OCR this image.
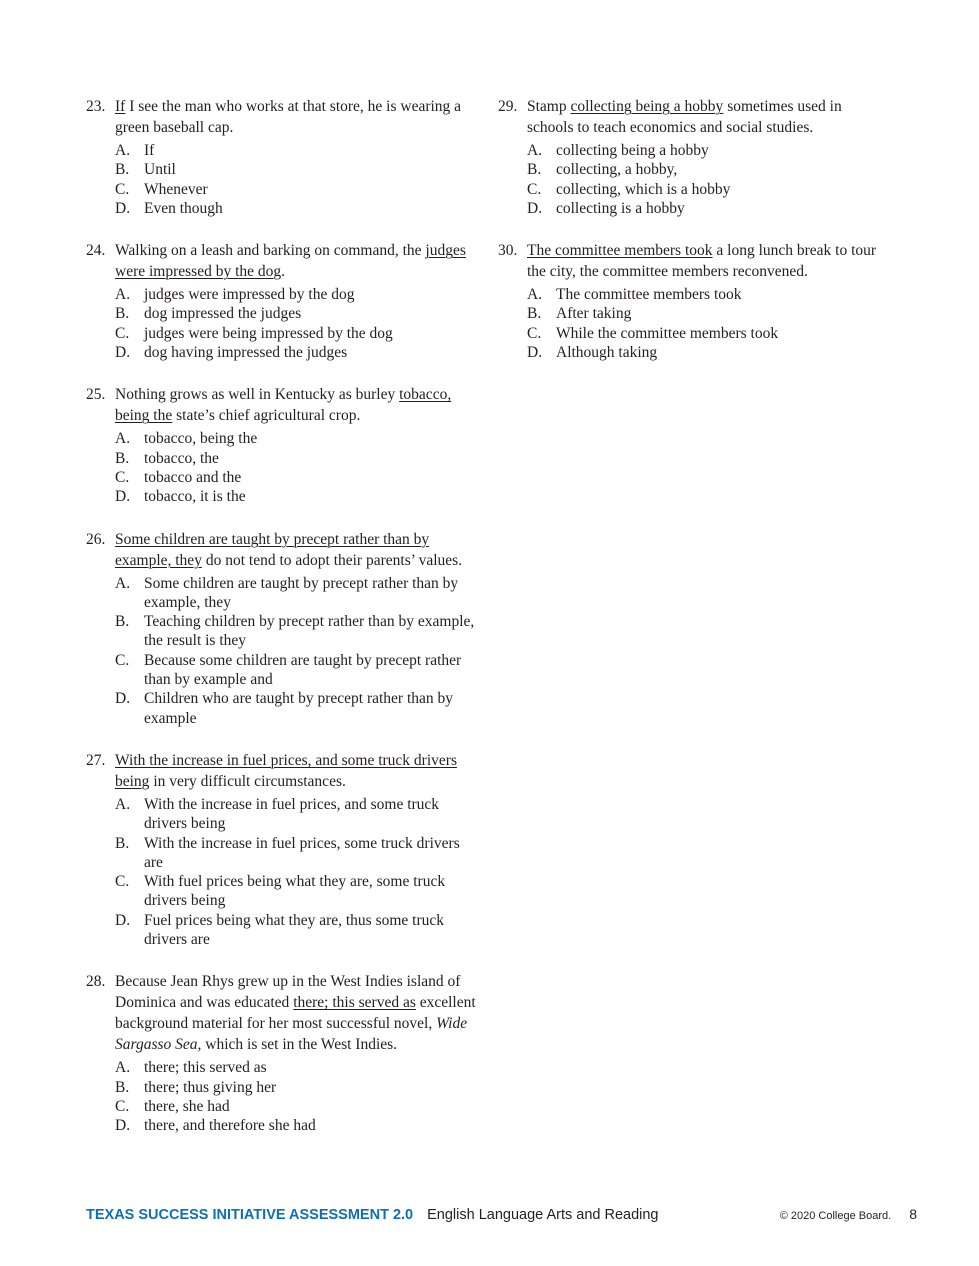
23. If I see the man who works at that store, he is wearing a green baseball cap.
A. If
B. Until
C. Whenever
D. Even though
24. Walking on a leash and barking on command, the judges were impressed by the dog.
A. judges were impressed by the dog
B. dog impressed the judges
C. judges were being impressed by the dog
D. dog having impressed the judges
25. Nothing grows as well in Kentucky as burley tobacco, being the state’s chief agricultural crop.
A. tobacco, being the
B. tobacco, the
C. tobacco and the
D. tobacco, it is the
26. Some children are taught by precept rather than by example, they do not tend to adopt their parents’ values.
A. Some children are taught by precept rather than by example, they
B. Teaching children by precept rather than by example, the result is they
C. Because some children are taught by precept rather than by example and
D. Children who are taught by precept rather than by example
27. With the increase in fuel prices, and some truck drivers being in very difficult circumstances.
A. With the increase in fuel prices, and some truck drivers being
B. With the increase in fuel prices, some truck drivers are
C. With fuel prices being what they are, some truck drivers being
D. Fuel prices being what they are, thus some truck drivers are
28. Because Jean Rhys grew up in the West Indies island of Dominica and was educated there; this served as excellent background material for her most successful novel, Wide Sargasso Sea, which is set in the West Indies.
A. there; this served as
B. there; thus giving her
C. there, she had
D. there, and therefore she had
29. Stamp collecting being a hobby sometimes used in schools to teach economics and social studies.
A. collecting being a hobby
B. collecting, a hobby,
C. collecting, which is a hobby
D. collecting is a hobby
30. The committee members took a long lunch break to tour the city, the committee members reconvened.
A. The committee members took
B. After taking
C. While the committee members took
D. Although taking
TEXAS SUCCESS INITIATIVE ASSESSMENT 2.0 English Language Arts and Reading	© 2020 College Board. 8
